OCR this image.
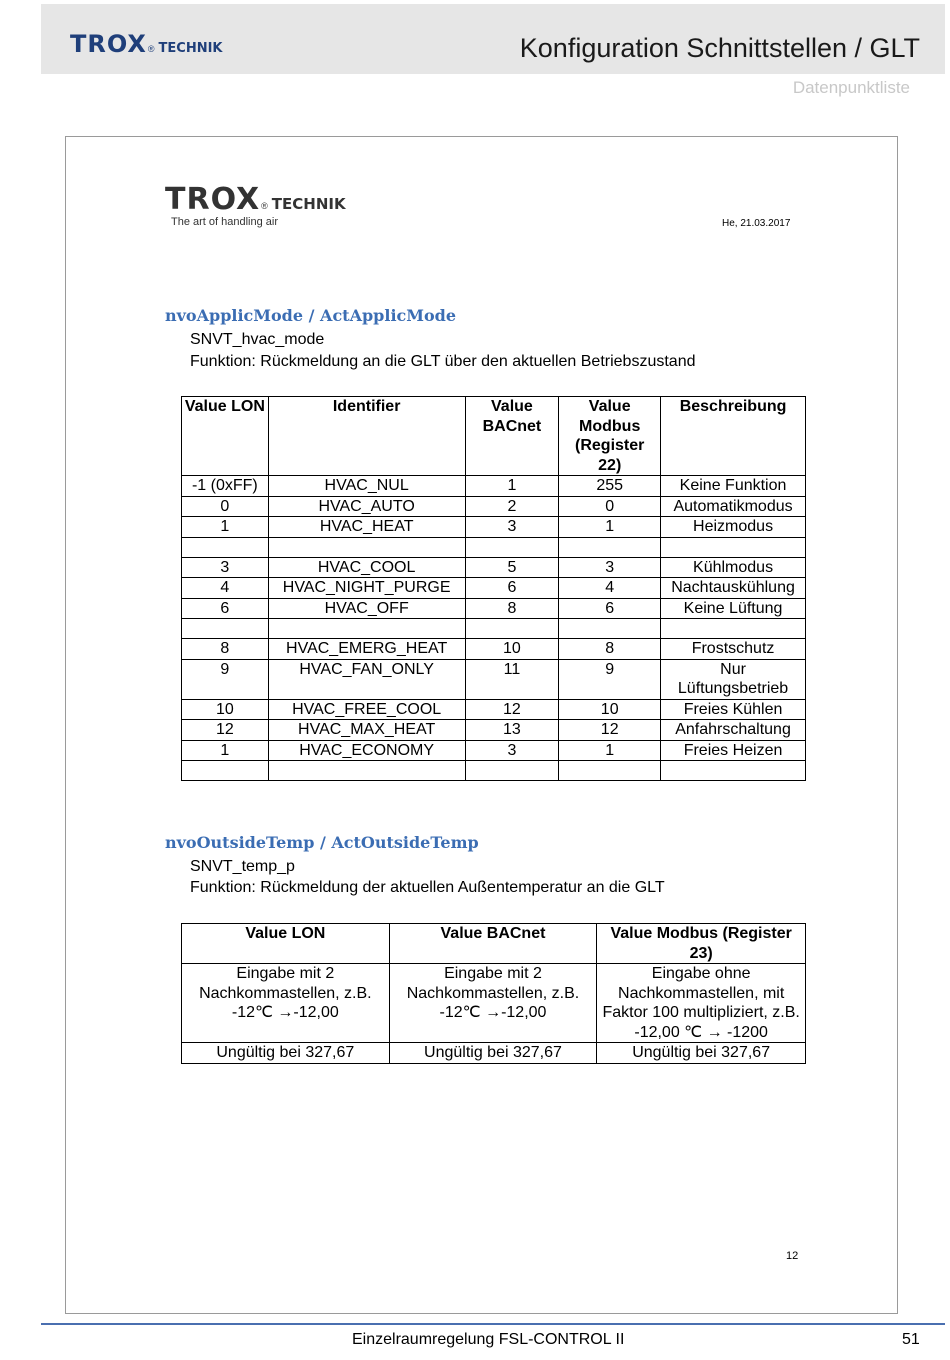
TROX ® TECHNIK	Konfiguration Schnittstellen / GLT
Datenpunktliste
TROX ® TECHNIK
The art of handling air	He, 21.03.2017
nvoApplicMode / ActApplicMode
SNVT_hvac_mode
Funktion: Rückmeldung an die GLT über den aktuellen Betriebszustand
Value LON	Identifier	Value BACnet	Value Modbus (Register 22)	Beschreibung
-1 (0xFF)	HVAC_NUL	1	255	Keine Funktion
0	HVAC_AUTO	2	0	Automatikmodus
1	HVAC_HEAT	3	1	Heizmodus

3	HVAC_COOL	5	3	Kühlmodus
4	HVAC_NIGHT_PURGE	6	4	Nachtauskühlung
6	HVAC_OFF	8	6	Keine Lüftung

8	HVAC_EMERG_HEAT	10	8	Frostschutz
9	HVAC_FAN_ONLY	11	9	Nur Lüftungsbetrieb
10	HVAC_FREE_COOL	12	10	Freies Kühlen
12	HVAC_MAX_HEAT	13	12	Anfahrschaltung
1	HVAC_ECONOMY	3	1	Freies Heizen

nvoOutsideTemp / ActOutsideTemp
SNVT_temp_p
Funktion: Rückmeldung der aktuellen Außentemperatur an die GLT
Value LON	Value BACnet	Value Modbus (Register 23)
Eingabe mit 2 Nachkommastellen, z.B. -12℃ →-12,00	Eingabe mit 2 Nachkommastellen, z.B. -12℃ →-12,00	Eingabe ohne Nachkommastellen, mit Faktor 100 multipliziert, z.B. -12,00 ℃ → -1200
Ungültig bei 327,67	Ungültig bei 327,67	Ungültig bei 327,67
12
Einzelraumregelung FSL-CONTROL II	51
